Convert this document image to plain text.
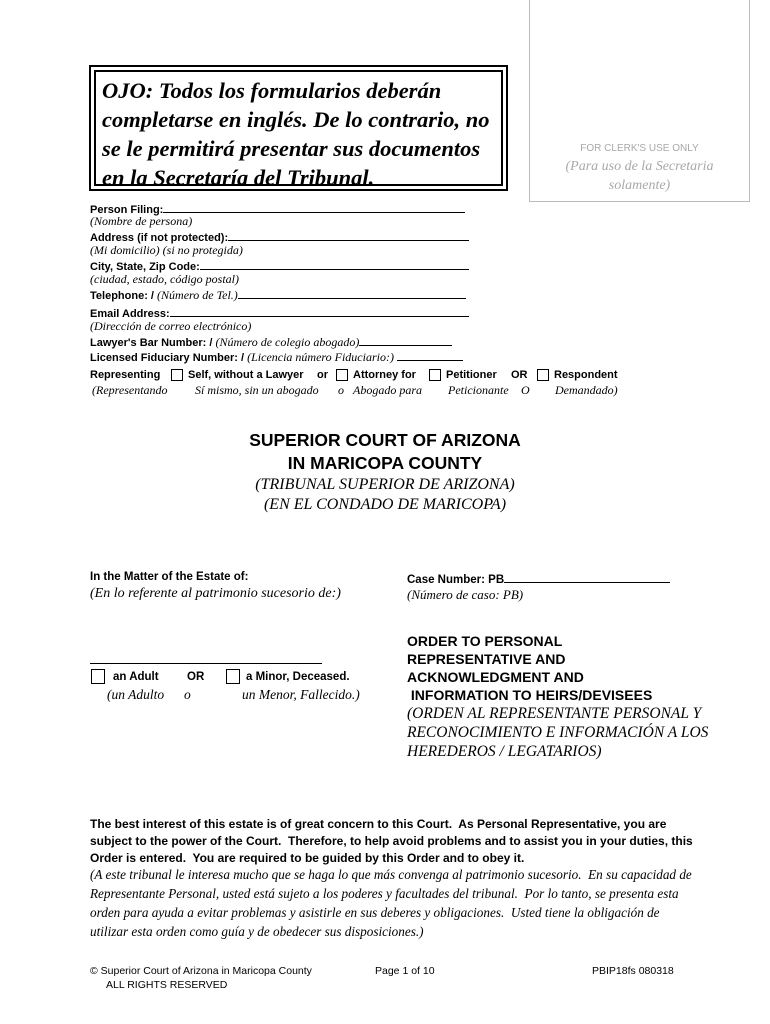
OJO: Todos los formularios deberán
completarse en inglés. De lo contrario, no
se le permitirá presentar sus documentos
en la Secretaría del Tribunal.
FOR CLERK'S USE ONLY
(Para uso de la Secretaria
solamente)
Person Filing:
(Nombre de persona)
Address (if not protected):
(Mi domicilio) (si no protegida)
City, State, Zip Code:
(ciudad, estado, código postal)
Telephone: / (Número de Tel.)
Email Address:
(Dirección de correo electrónico)
Lawyer's Bar Number: / (Número de colegio abogado)
Licensed Fiduciary Number: / (Licencia número Fiduciario:)
Representing	Self, without a Lawyer or Attorney for	Petitioner OR Respondent
(Representando Sí mismo, sin un abogado o Abogado para Peticionante O Demandado)
SUPERIOR COURT OF ARIZONA
IN MARICOPA COUNTY
(TRIBUNAL SUPERIOR DE ARIZONA)
(EN EL CONDADO DE MARICOPA)
In the Matter of the Estate of:
(En lo referente al patrimonio sucesorio de:)
an Adult OR	a Minor, Deceased.
(un Adulto o	un Menor, Fallecido.)
Case Number: PB
(Número de caso: PB)
ORDER TO PERSONAL
REPRESENTATIVE AND
ACKNOWLEDGMENT AND
INFORMATION TO HEIRS/DEVISEES
(ORDEN AL REPRESENTANTE PERSONAL Y
RECONOCIMIENTO E INFORMACIÓN A LOS
HEREDEROS / LEGATARIOS)
The best interest of this estate is of great concern to this Court.  As Personal Representative, you are
subject to the power of the Court.  Therefore, to help avoid problems and to assist you in your duties, this
Order is entered.  You are required to be guided by this Order and to obey it.
(A este tribunal le interesa mucho que se haga lo que más convenga al patrimonio sucesorio.  En su capacidad de
Representante Personal, usted está sujeto a los poderes y facultades del tribunal.  Por lo tanto, se presenta esta
orden para ayuda a evitar problemas y asistirle en sus deberes y obligaciones.  Usted tiene la obligación de
utilizar esta orden como guía y de obedecer sus disposiciones.)
© Superior Court of Arizona in Maricopa County
ALL RIGHTS RESERVED
Page 1 of 10	PBIP18fs 080318
